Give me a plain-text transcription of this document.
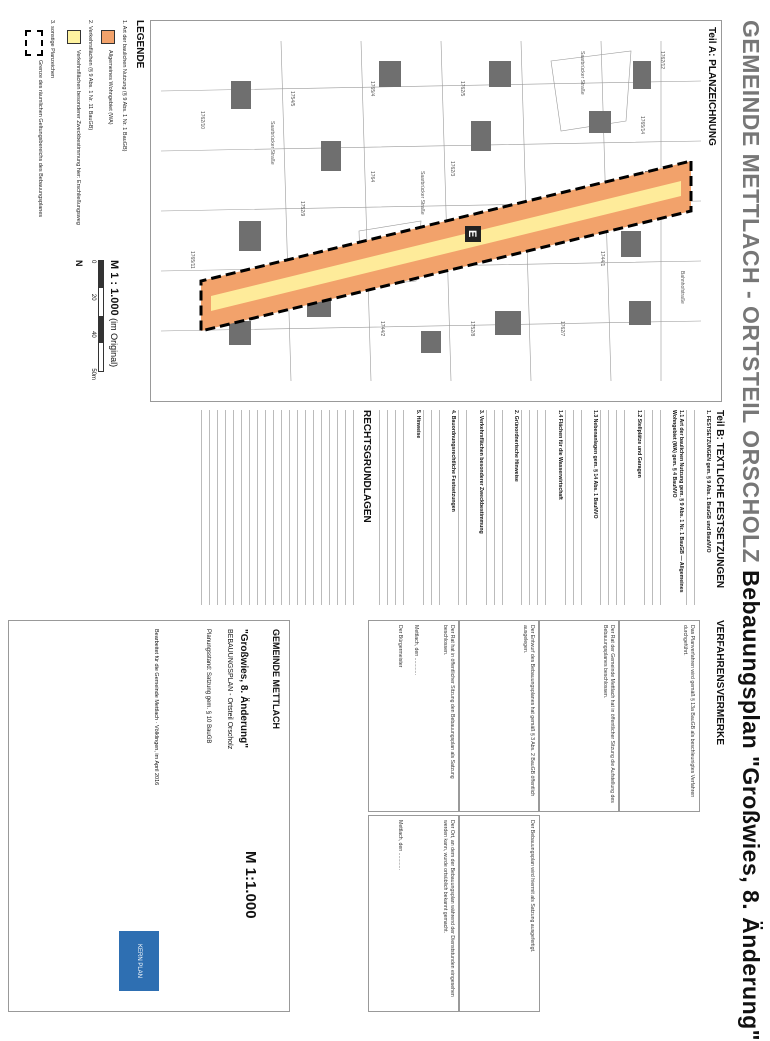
GEMEINDE METTLACH - ORTSTEIL ORSCHOLZ Bebauungsplan "Großwies, 8. Änderung"
Teil A: PLANZEICHNUNG
E
Saarbrücker Straße
Saarbrücker Straße
Saarbrücker Straße
Bahnhofstraße
1762/12
1765/14
1744/1
1762/7
1762/5
1762/3
1752/8
1765/4
1764
1744/2
1754/5
1752/9
1762/10
1765/11
LEGENDE
1. Art der baulichen Nutzung (§ 9 Abs. 1 Nr. 1 BauGB)
Allgemeines Wohngebiet (WA)
2. Verkehrsflächen (§ 9 Abs. 1 Nr. 11 BauGB)
Verkehrsflächen besonderer Zweckbestimmung hier: Erschließungsweg
3. sonstige Planzeichen
Grenze des räumlichen Geltungsbereichs des Bebauungsplanes
M 1 : 1.000 (im Original)
0
20
40
50m
N
Teil B: TEXTLICHE FESTSETZUNGEN
1. FESTSETZUNGEN gem. § 9 Abs. 1 BauGB und BauNVO
1.1 Art der baulichen Nutzung gem. § 9 Abs. 1 Nr. 1 BauGB — Allgemeines Wohngebiet (WA) gem. § 4 BauNVO
1.2 Stellplätze und Garagen
1.3 Nebenanlagen gem. § 14 Abs. 1 BauNVO
1.4 Flächen für die Wasserwirtschaft
2. Grünordnerische Hinweise
3. Verkehrsflächen besonderer Zweckbestimmung
4. Bauordnungsrechtliche Festsetzungen
5. Hinweise
RECHTSGRUNDLAGEN
VERFAHRENSVERMERKE
Das Planverfahren wird gemäß § 13a BauGB als beschleunigtes Verfahren durchgeführt.
Der Rat der Gemeinde Mettlach hat in öffentlicher Sitzung die Aufstellung des Bebauungsplanes beschlossen.
Der Entwurf des Bebauungsplanes hat gemäß § 3 Abs. 2 BauGB öffentlich ausgelegen.
Der Rat hat in öffentlicher Sitzung den Bebauungsplan als Satzung beschlossen.
Mettlach, den ............
Der Bürgermeister
Der Bebauungsplan wird hiermit als Satzung ausgefertigt.
Der Ort, an dem der Bebauungsplan während der Dienststunden eingesehen werden kann, wurde ortsüblich bekannt gemacht.
Mettlach, den ............
GEMEINDE METTLACH
"Großwies, 8. Änderung"
BEBAUUNGSPLAN - Ortsteil Orscholz
Planungsstand: Satzung gem. § 10 BauGB
M 1:1.000
Bearbeitet für die Gemeinde Mettlach · Völklingen, im April 2016
KERN PLAN
